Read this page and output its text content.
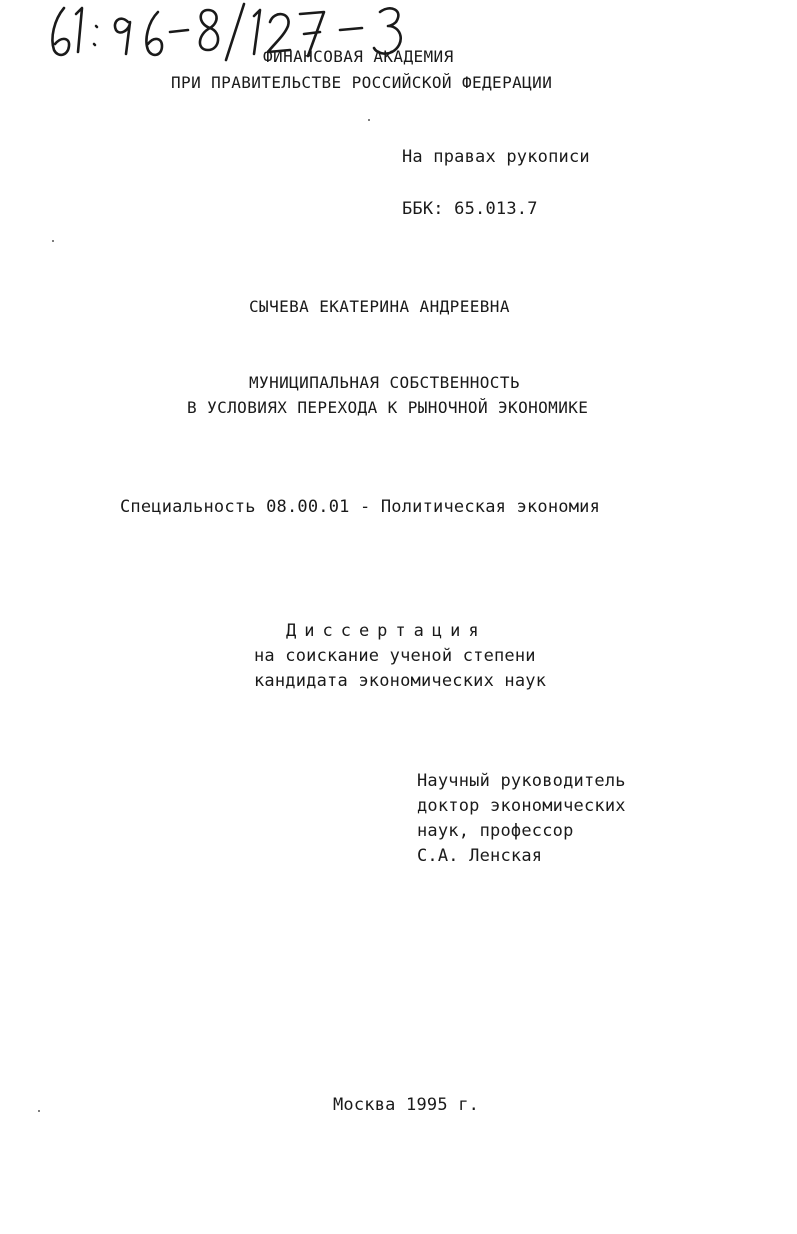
ФИНАНСОВАЯ АКАДЕМИЯ
ПРИ ПРАВИТЕЛЬСТВЕ РОССИЙСКОЙ ФЕДЕРАЦИИ
На правах рукописи
ББК: 65.013.7
СЫЧЕВА ЕКАТЕРИНА АНДРЕЕВНА
МУНИЦИПАЛЬНАЯ СОБСТВЕННОСТЬ
В УСЛОВИЯХ ПЕРЕХОДА К РЫНОЧНОЙ ЭКОНОМИКЕ
Специальность 08.00.01 - Политическая экономия
Диссертация
на соискание ученой степени
кандидата экономических наук
Научный руководитель
доктор экономических
наук, профессор
С.А. Ленская
Москва 1995 г.
